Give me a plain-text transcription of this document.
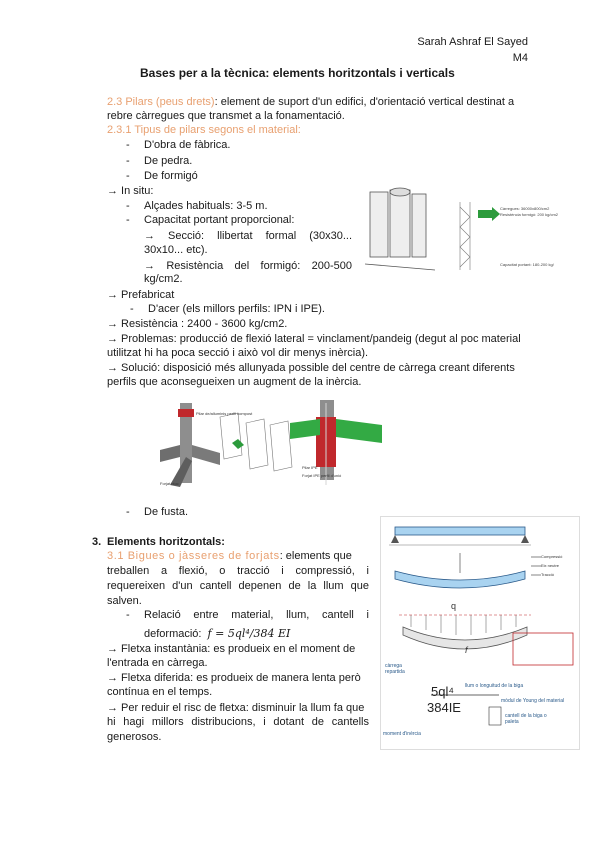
Sarah Ashraf El Sayed
M4
Bases per a la tècnica: elements horitzontals i verticals
2.3 Pilars (peus drets): element de suport d'un edifici, d'orientació vertical destinat a
rebre càrregues que transmet a la fonamentació.
2.3.1 Tipus de pilars segons el material:
- D'obra de fàbrica.
- De pedra.
- De formigó
→ In situ:
- Alçades habituals: 3-5 m.
- Capacitat portant proporcional:
→ Secció: llibertat formal (30x30...
30x10... etc).
→ Resistència del formigó: 200-500
kg/cm2.
→ Prefabricat
- D'acer (els millors perfils: IPN i IPE).
→ Resistència : 2400 - 3600 kg/cm2.
→ Problemas: producció de flexió lateral = vinclament/pandeig (degut al poc material
utilitzat hi ha poca secció i això vol dir menys inèrcia).
→ Solució: disposició més allunyada possible del centre de càrrega creant diferents
perfils que aconsegueixen un augment de la inèrcia.
Càrregues: 36000x800/cm2
Resistència formigó: 200 kg/cm2
Capacitat portant: 180-200 kg/
Pilar de/alluminis perfil compost
Forjat bloc
Pilar IPE
Forjat IPE perfil d'unió
- De fusta.
3. Elements horitzontals:
3.1 Bigues o jàsseres de forjats: elements que
treballen a flexió, o tracció i compressió, i
requereixen d'un cantell depenen de la llum que
salven.
- Relació entre material, llum, cantell i
deformació: f = 5ql⁴/384 EI
→ Fletxa instantània: es produeix en el moment de
l'entrada en càrrega.
→ Fletxa diferida: es produeix de manera lenta però
contínua en el temps.
→ Per reduir el risc de fletxa: disminuir la llum fa que
hi hagi millors distribucions, i dotant de cantells
generosos.
Compressió
Eix neutre
Tracció
q
f
càrrega repartida
5ql⁴
384IE
llum o longuitud de la biga
mòdul de Young del material
moment d'inèrcia
cantell de la biga o paleta
